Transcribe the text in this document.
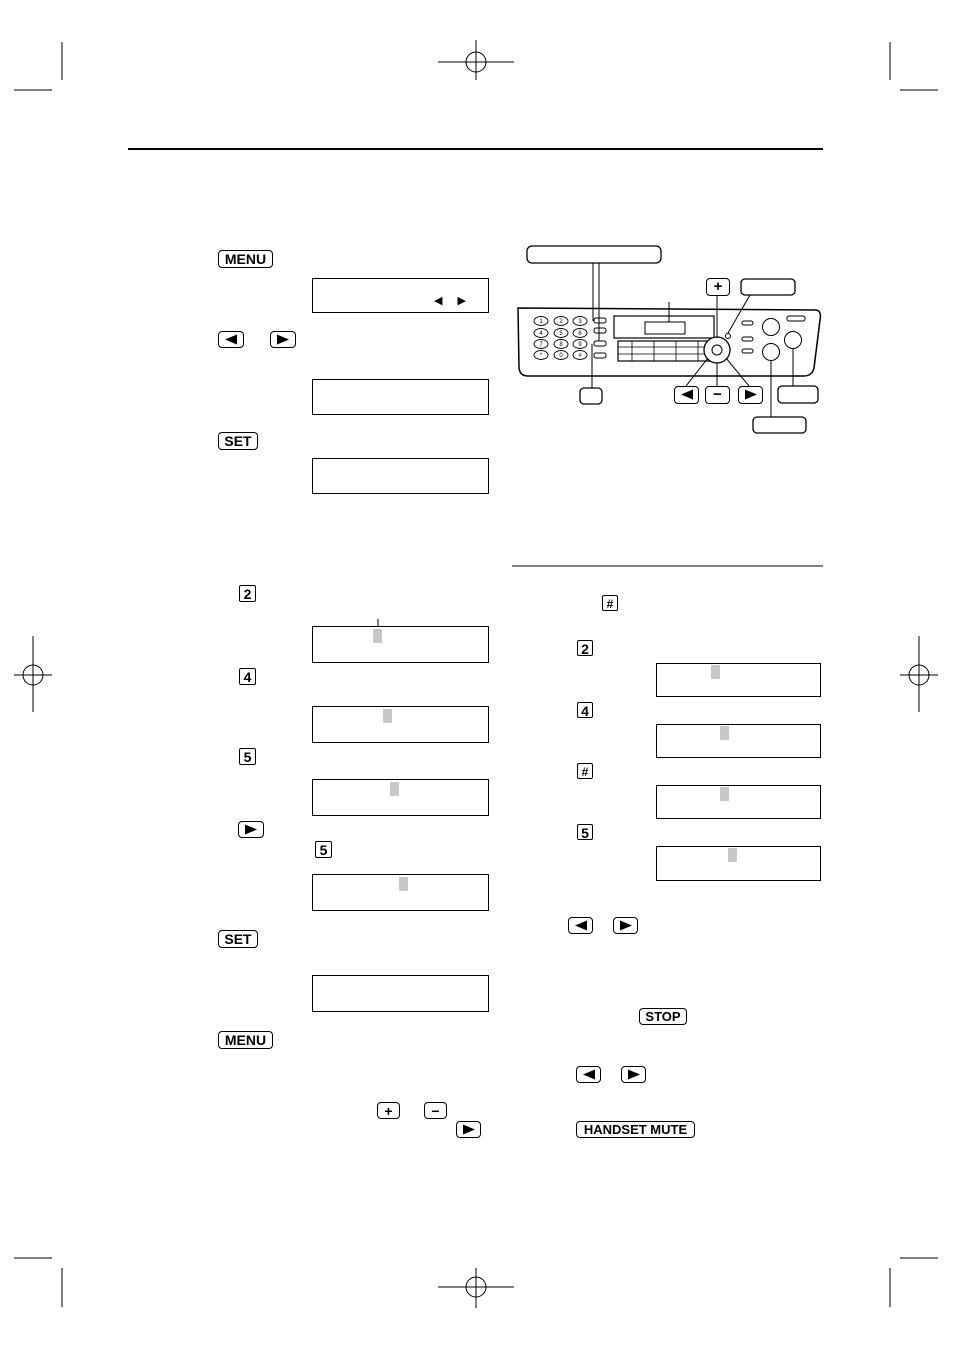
MENU
◀ ▶
SET
2
4
5
5
SET
MENU
+	−
1	2	3
4	5	6
7	8	9
*	0	#
+
−
#
2
4
#
5
STOP
HANDSET MUTE
